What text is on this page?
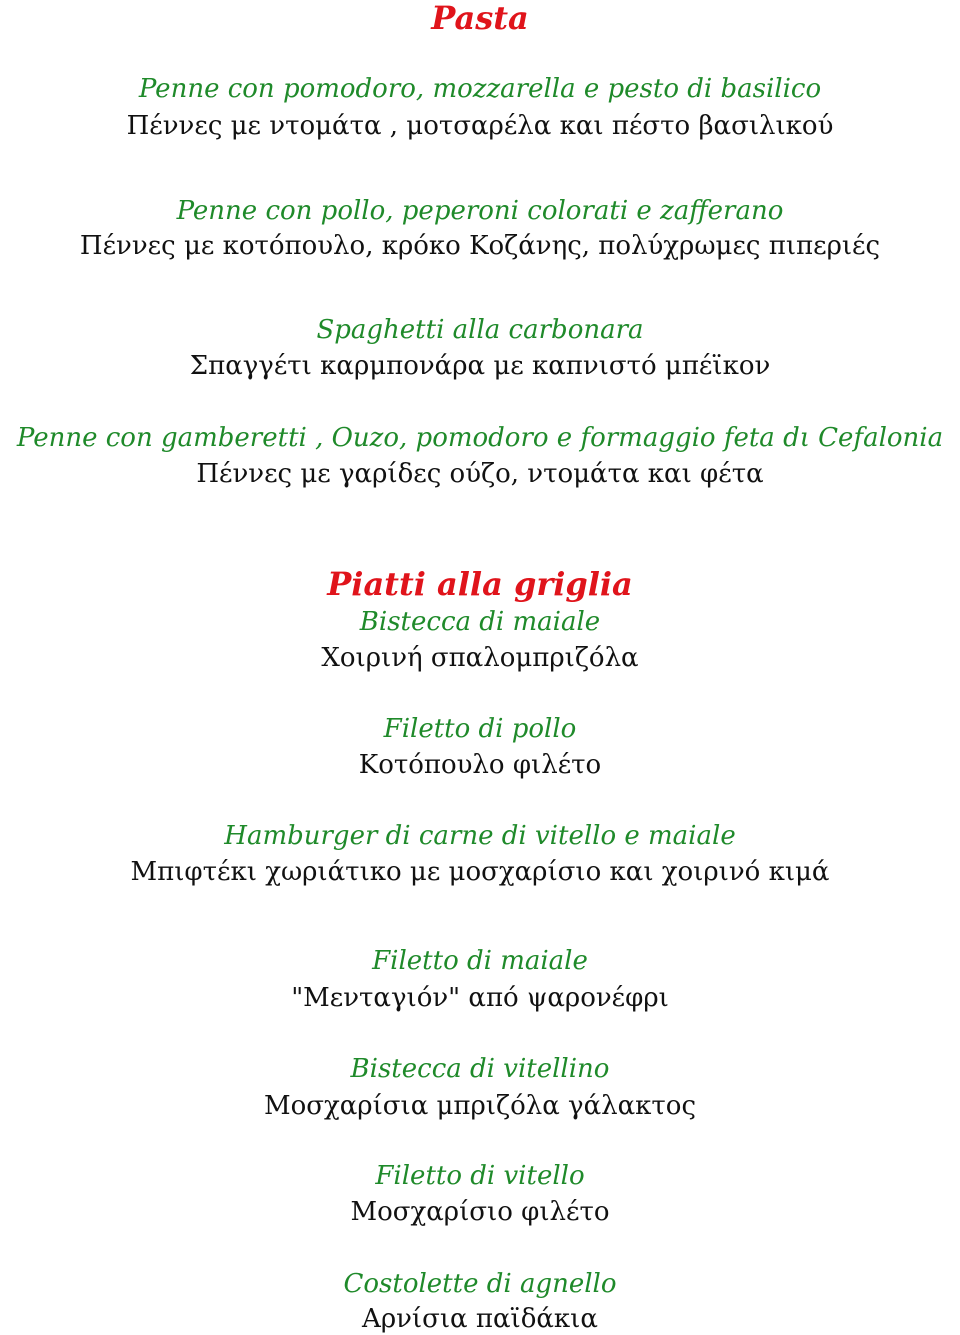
Pasta
Penne con pomodoro, mozzarella e pesto di basilico
Πέννες με ντομάτα , μοτσαρέλα και πέστο βασιλικού
Penne con pollo, peperoni colorati e zafferano
Πέννες με κοτόπουλο, κρόκο Κοζάνης, πολύχρωμες πιπεριές
Spaghetti alla carbonara
Σπαγγέτι καρμπονάρα με καπνιστό μπέϊκον
Penne con gamberetti , Ouzo, pomodoro e formaggio feta dι Cefalonia
Πέννες με γαρίδες ούζο, ντομάτα και φέτα
Piatti alla griglia
Bistecca di maiale
Χοιρινή σπαλομπριζόλα
Filetto di pollo
Κοτόπουλο φιλέτο
Hamburger di carne di vitello e maiale
Μπιφτέκι χωριάτικο με μοσχαρίσιο και χοιρινό κιμά
Filetto di maiale
"Μενταγιόν" από ψαρονέφρι
Bistecca di vitellino
Μοσχαρίσια μπριζόλα γάλακτος
Filetto di vitello
Μοσχαρίσιο φιλέτο
Costolette di agnello
Αρνίσια παϊδάκια
